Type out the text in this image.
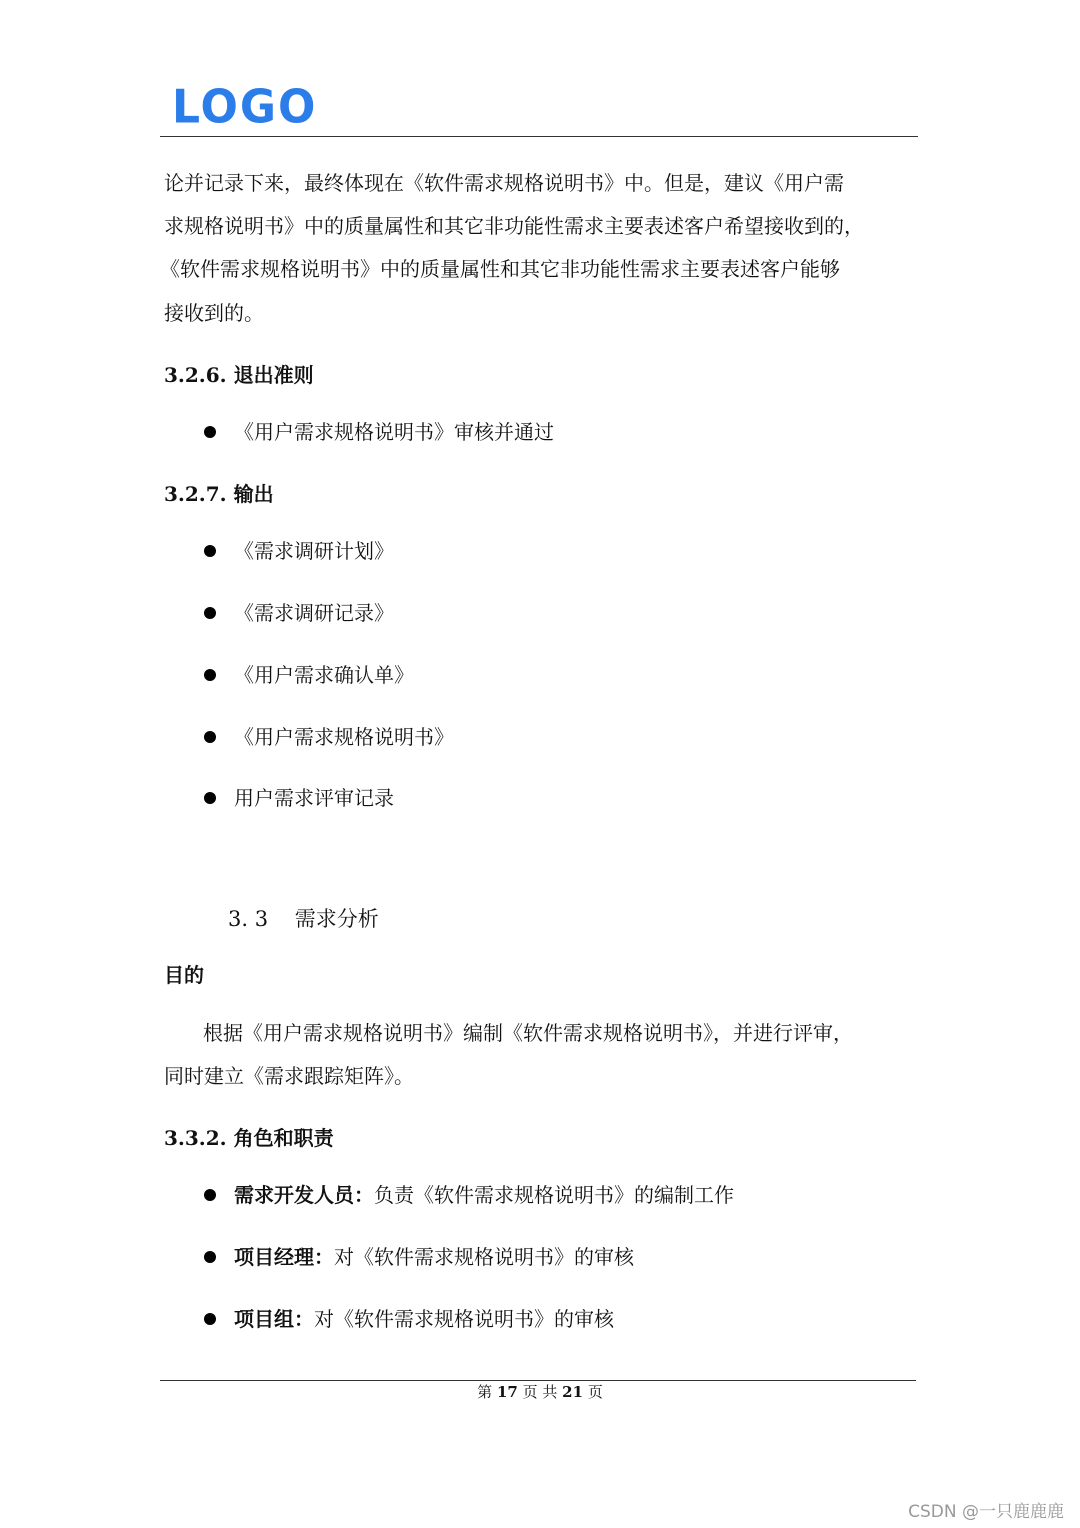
LOGO
论并记录下来，最终体现在《软件需求规格说明书》中。但是，建议《用户需
求规格说明书》中的质量属性和其它非功能性需求主要表述客户希望接收到的，
《软件需求规格说明书》中的质量属性和其它非功能性需求主要表述客户能够
接收到的。
3.2.6. 退出准则
《用户需求规格说明书》审核并通过
3.2.7. 输出
《需求调研计划》
《需求调研记录》
《用户需求确认单》
《用户需求规格说明书》
用户需求评审记录
3. 3    需求分析
目的
根据《用户需求规格说明书》编制《软件需求规格说明书》，并进行评审，
同时建立《需求跟踪矩阵》。
3.3.2. 角色和职责
需求开发人员：负责《软件需求规格说明书》的编制工作
项目经理：对《软件需求规格说明书》的审核
项目组：对《软件需求规格说明书》的审核
第 17 页 共 21 页
CSDN @一只鹿鹿鹿
